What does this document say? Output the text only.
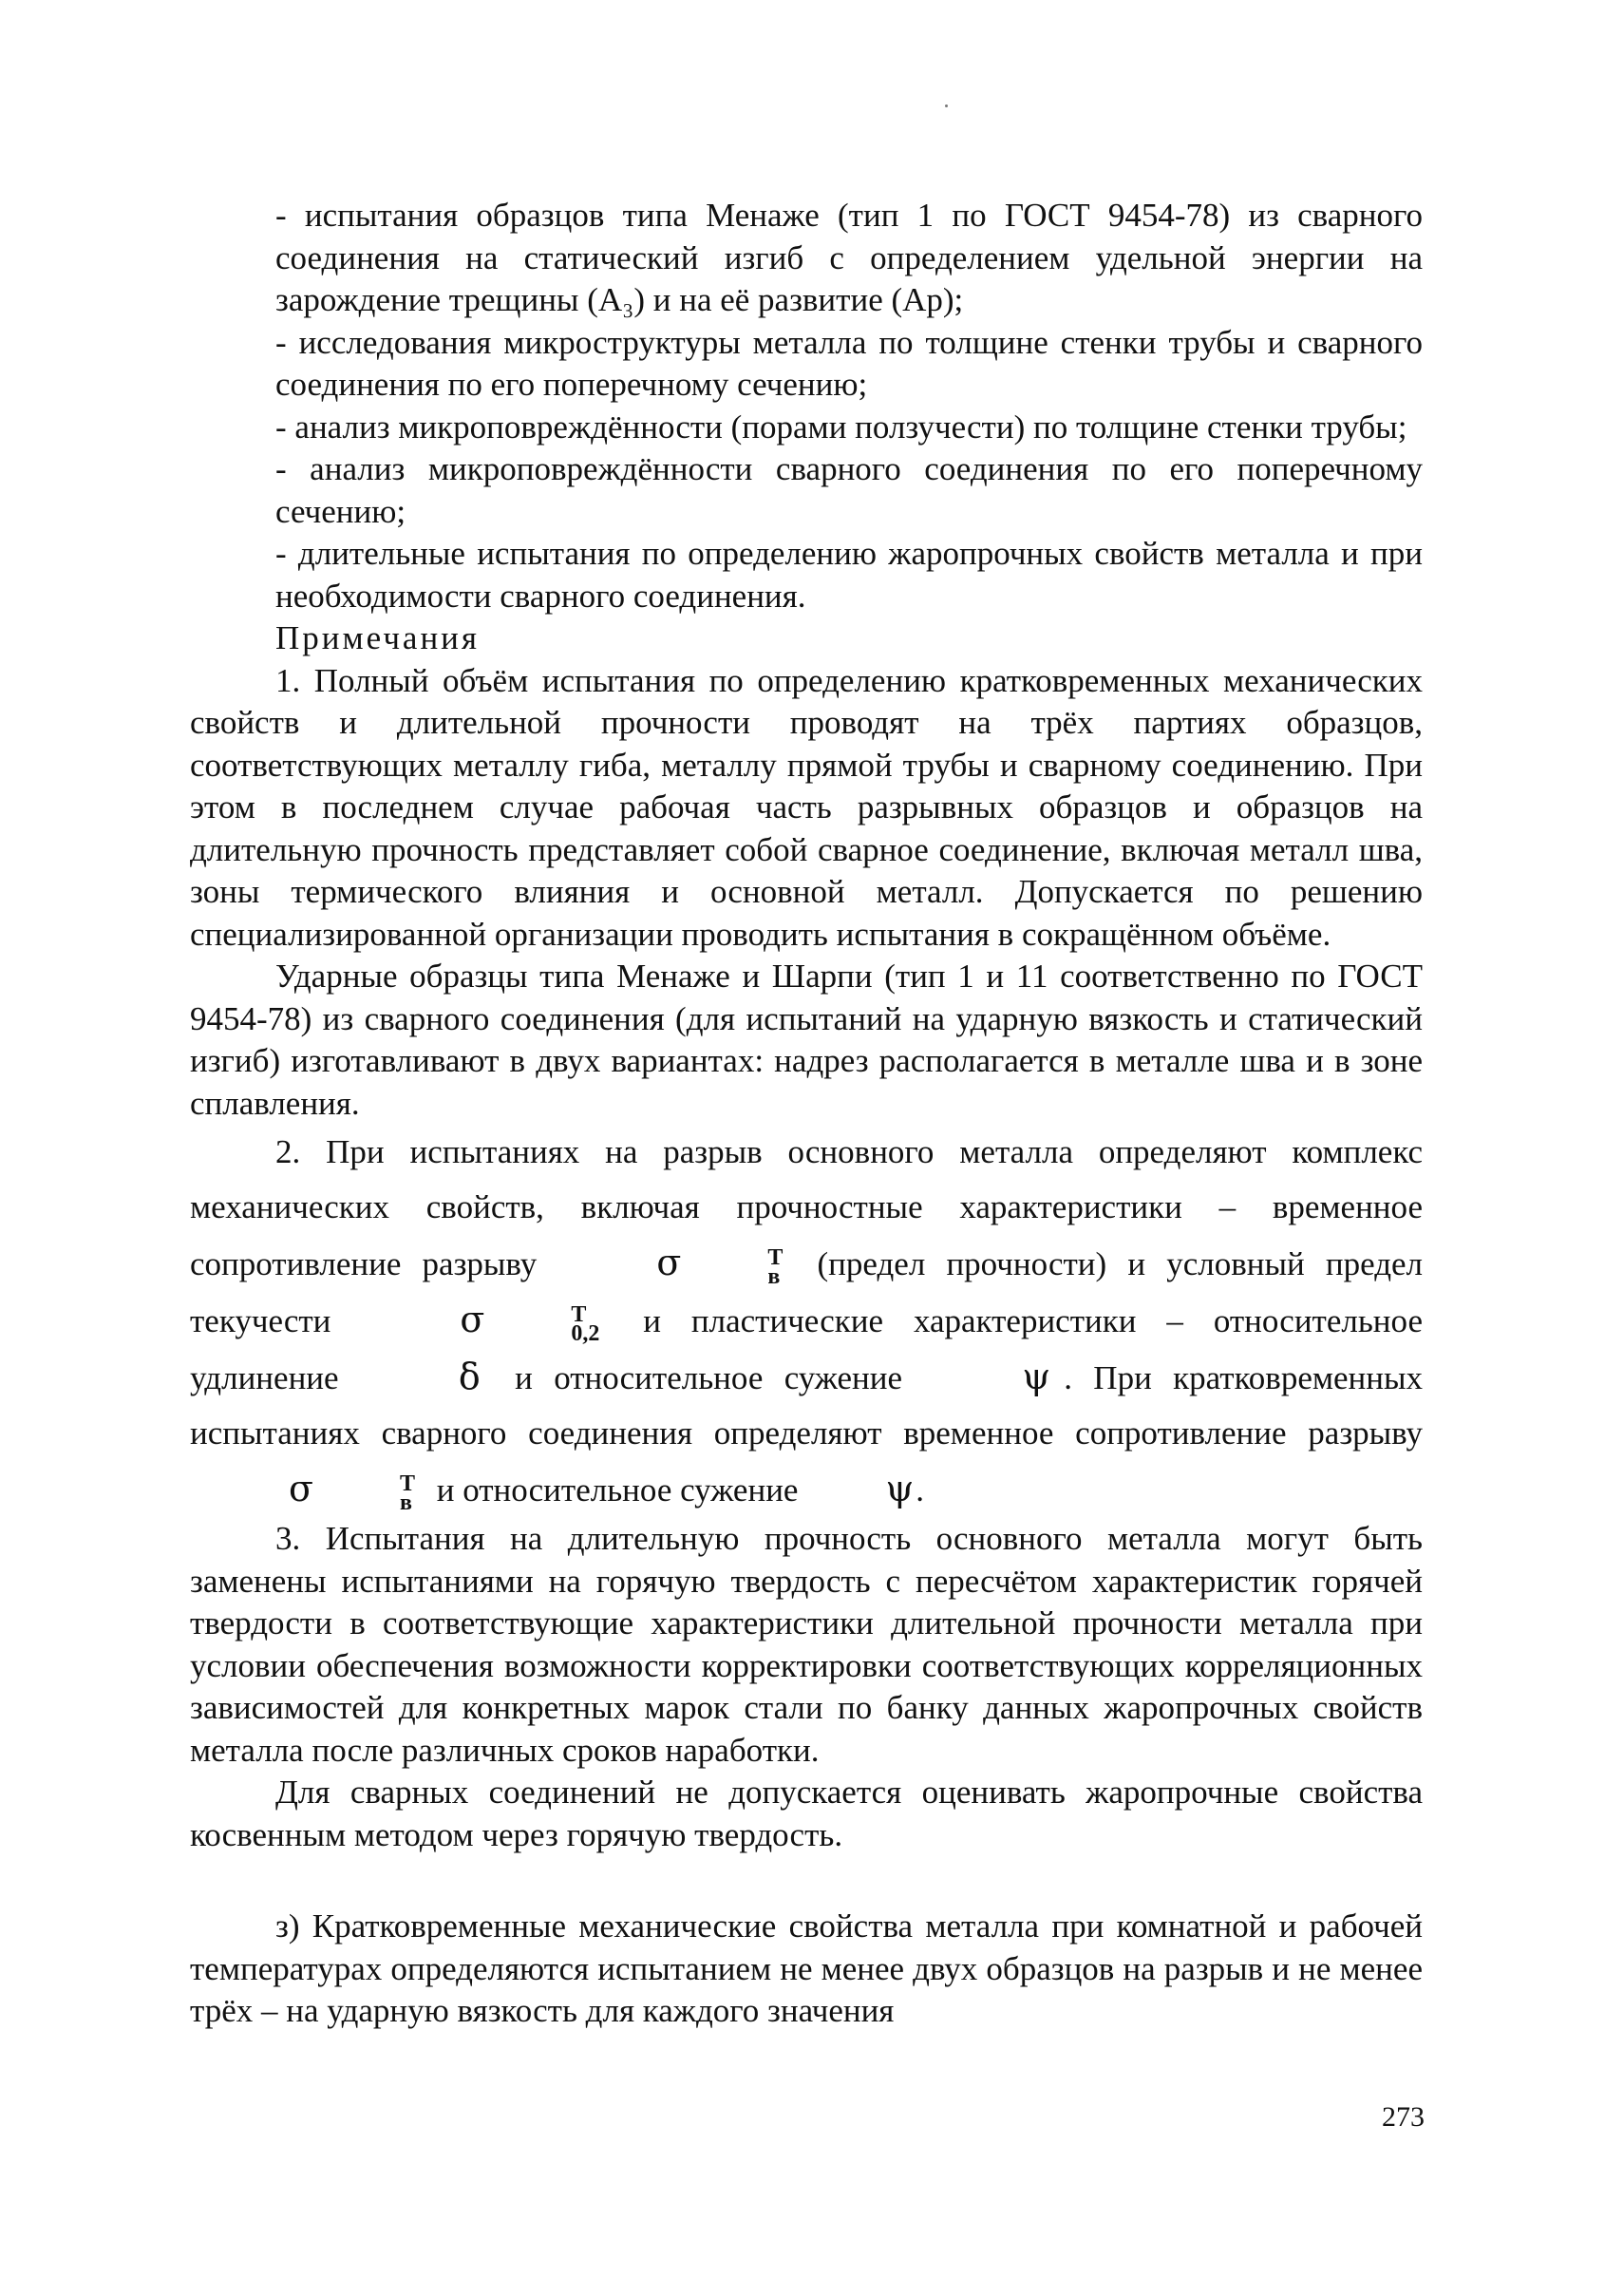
- испытания образцов типа Менаже (тип 1 по ГОСТ 9454-78) из сварного соединения на статический изгиб с определением удельной энергии на зарождение трещины (А₃) и на её развитие (Ар);

- исследования микроструктуры металла по толщине стенки трубы и сварного соединения по его поперечному сечению;

- анализ микроповреждённости (порами ползучести) по толщине стенки трубы;

- анализ микроповреждённости сварного соединения по его поперечному сечению;

- длительные испытания по определению жаропрочных свойств металла и при необходимости сварного соединения.

Примечания

1. Полный объём испытания по определению кратковременных механических свойств и длительной прочности проводят на трёх партиях образцов, соответствующих металлу гиба, металлу прямой трубы и сварному соединению. При этом в последнем случае рабочая часть разрывных образцов и образцов на длительную прочность представляет собой сварное соединение, включая металл шва, зоны термического влияния и основной металл. Допускается по решению специализированной организации проводить испытания в сокращённом объёме.

Ударные образцы типа Менаже и Шарпи (тип 1 и 11 соответственно по ГОСТ 9454-78) из сварного соединения (для испытаний на ударную вязкость и статический изгиб) изготавливают в двух вариантах: надрез располагается в металле шва и в зоне сплавления.

2. При испытаниях на разрыв основного металла определяют комплекс механических свойств, включая прочностные характеристики – временное сопротивление разрыву	σ	Т
в (предел прочности) и условный предел текучести	σ	Т
0,2 и пластические характеристики – относительное удлинение	δ и относительное сужение	ψ . При кратковременных испытаниях сварного соединения определяют временное сопротивление разрыву σ	Т
в и относительное сужение ψ.

3. Испытания на длительную прочность основного металла могут быть заменены испытаниями на горячую твердость с пересчётом характеристик горячей твердости в соответствующие характеристики длительной прочности металла при условии обеспечения возможности корректировки соответствующих корреляционных зависимостей для конкретных марок стали по банку данных жаропрочных свойств металла после различных сроков наработки.

Для сварных соединений не допускается оценивать жаропрочные свойства косвенным методом через горячую твердость.

з) Кратковременные механические свойства металла при комнатной и рабочей температурах определяются испытанием не менее двух образцов на разрыв и не менее трёх – на ударную вязкость для каждого значения

273
